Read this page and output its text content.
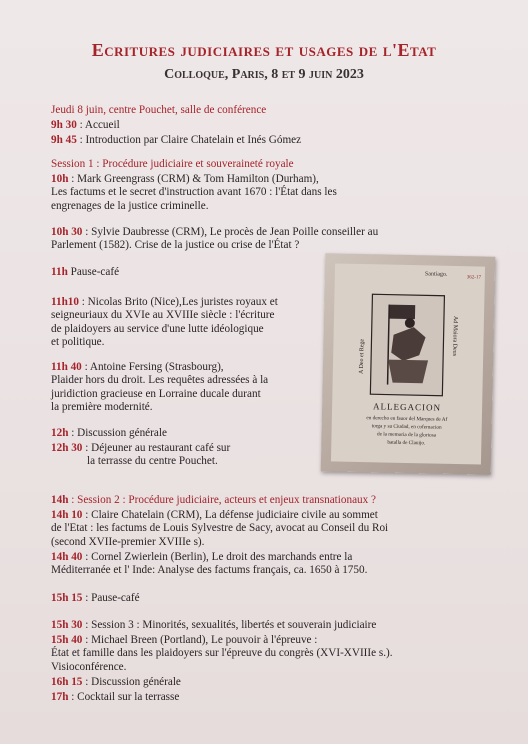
Ecritures judiciaires et usages de l'Etat
Colloque, Paris, 8 et 9 juin 2023
Jeudi 8 juin, centre Pouchet, salle de conférence
9h 30 : Accueil
9h 45 : Introduction par Claire Chatelain et Inés Gómez
Session 1 : Procédure judiciaire et souveraineté royale
10h : Mark Greengrass (CRM) & Tom Hamilton (Durham),
Les factums et le secret d'instruction avant 1670 : l'État dans les
engrenages de la justice criminelle.
10h 30 : Sylvie Daubresse (CRM), Le procès de Jean Poille conseiller au
Parlement (1582). Crise de la justice ou crise de l'État ?
11h Pause-café
11h10 : Nicolas Brito (Nice),Les juristes royaux et
seigneuriaux du XVIe au XVIIIe siècle : l'écriture
de plaidoyers au service d'une lutte idéologique
et politique.
11h 40 : Antoine Fersing (Strasbourg),
Plaider hors du droit. Les requêtes adressées à la
juridiction gracieuse en Lorraine ducale durant
la première modernité.
12h : Discussion générale
12h 30 : Déjeuner au restaurant café sur
la terrasse du centre Pouchet.
14h : Session 2 : Procédure judiciaire, acteurs et enjeux transnationaux ?
14h 10 : Claire Chatelain (CRM), La défense judiciaire civile au sommet
de l'Etat : les factums de Louis Sylvestre de Sacy, avocat au Conseil du Roi
(second XVIIe-premier XVIIIe s).
14h 40 : Cornel Zwierlein (Berlin), Le droit des marchands entre la
Méditerranée et l' Inde: Analyse des factums français, ca. 1650 à 1750.
15h 15 : Pause-café
15h 30 : Session 3 : Minorités, sexualités, libertés et souverain judiciaire
15h 40 : Michael Breen (Portland), Le pouvoir à l'épreuve :
État et famille dans les plaidoyers sur l'épreuve du congrès (XVI-XVIIIe s.).
Visioconférence.
16h 15 : Discussion générale
17h : Cocktail sur la terrasse
Santiago.
362-17
A Deo et Rege
Ad Maiora Deus
ALLEGACION
en derecho en fauor del Marques de Af
torga y su Ciudad, en coferuacion
de la memoria de la gloriosa
batalla de Clauijo.
